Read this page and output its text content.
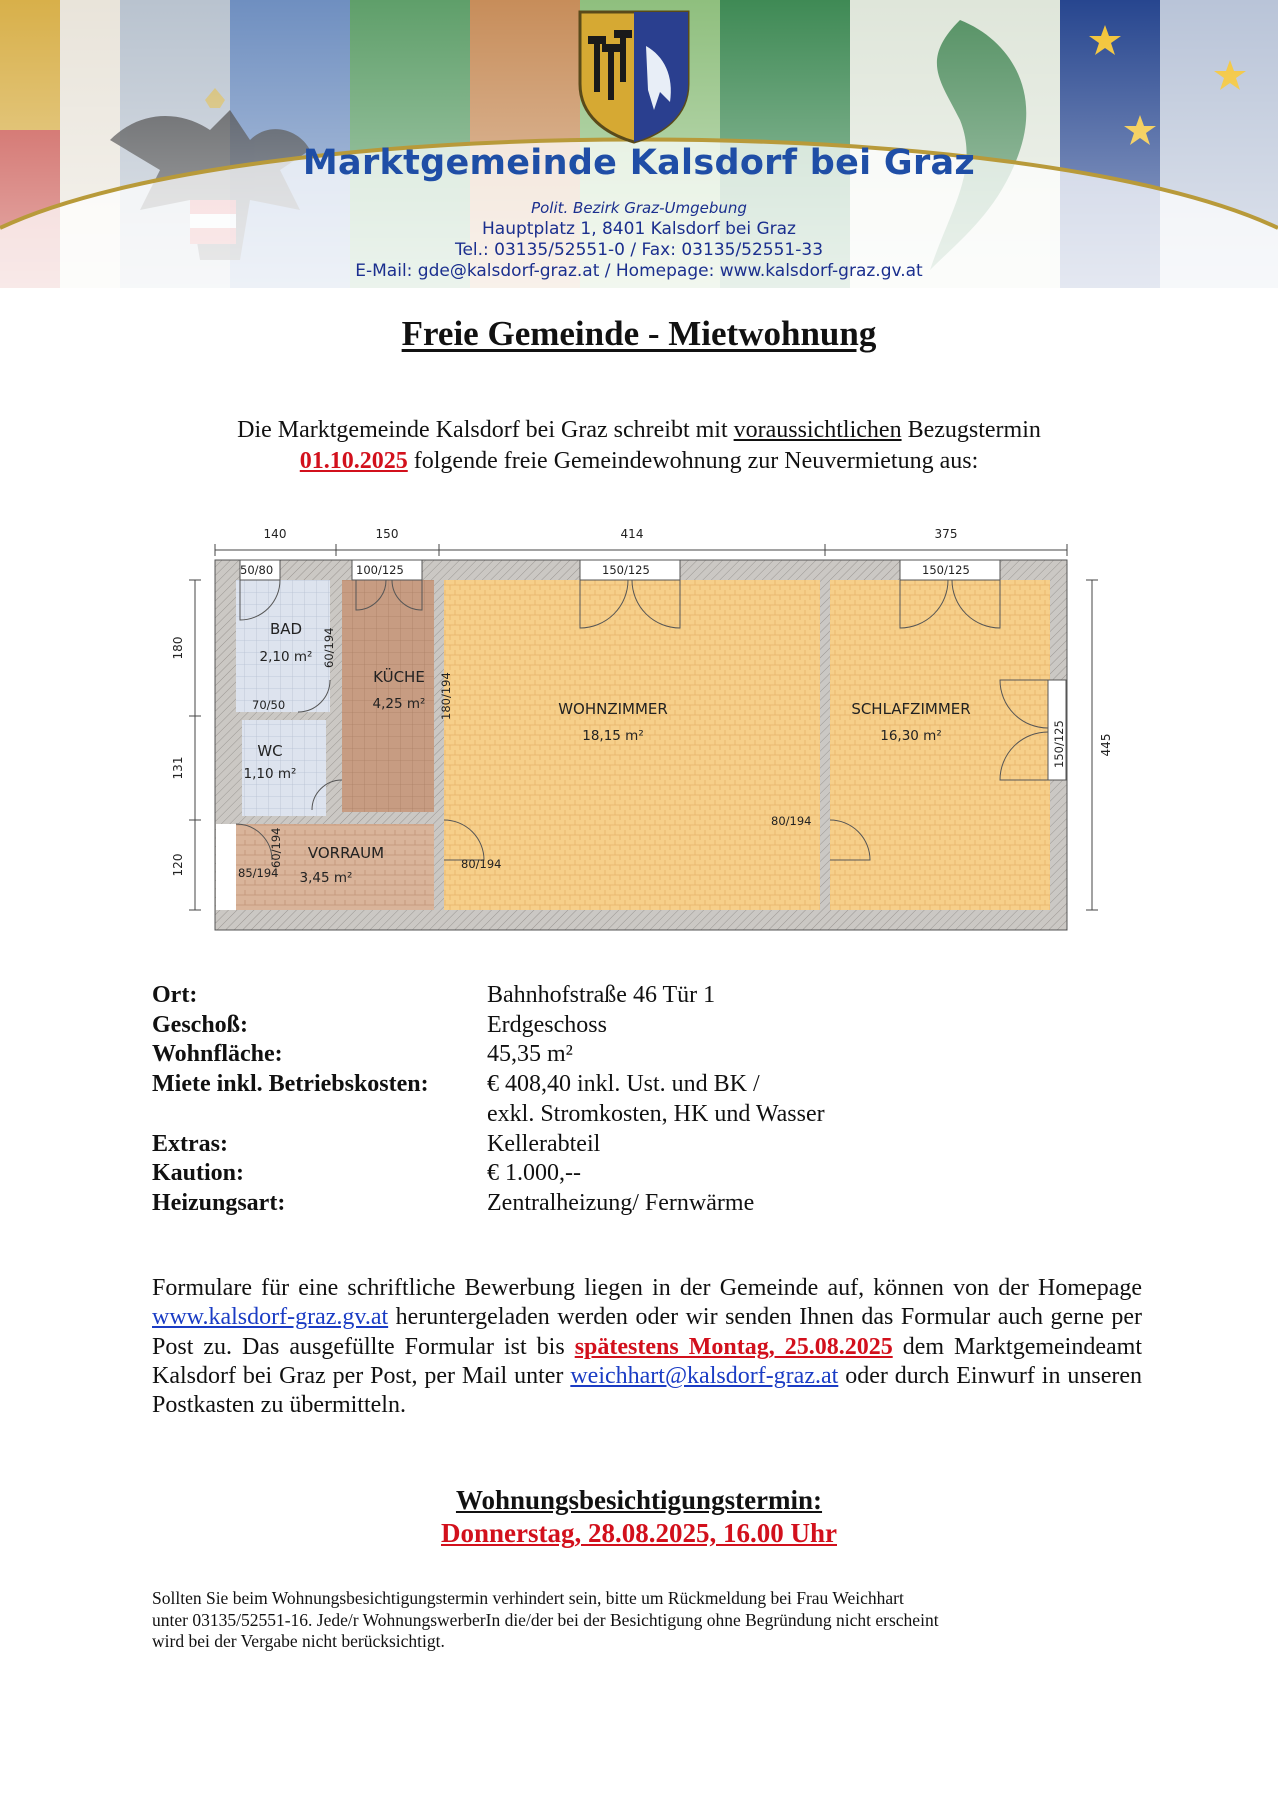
Marktgemeinde Kalsdorf bei Graz
Polit. Bezirk Graz-Umgebung
Hauptplatz 1, 8401 Kalsdorf bei Graz
Tel.: 03135/52551-0 / Fax: 03135/52551-33
E-Mail: gde@kalsdorf-graz.at / Homepage: www.kalsdorf-graz.gv.at
Freie Gemeinde - Mietwohnung
Die Marktgemeinde Kalsdorf bei Graz schreibt mit voraussichtlichen Bezugstermin
01.10.2025 folgende freie Gemeindewohnung zur Neuvermietung aus:
140	150	414	375
180
131
120
445
50/80	100/125	150/125	150/125
70/50
85/194
80/194
80/194
60/194
180/194
60/194
150/125
BAD
2,10 m²
KÜCHE
4,25 m²	WOHNZIMMER
18,15 m²
SCHLAFZIMMER
16,30 m²
WC
1,10 m²
VORRAUM
3,45 m²
Ort:	Bahnhofstraße 46 Tür 1
Geschoß:	Erdgeschoss
Wohnfläche:	45,35 m²
Miete inkl. Betriebskosten:	€ 408,40 inkl. Ust. und BK /
exkl. Stromkosten, HK und Wasser
Extras:	Kellerabteil
Kaution:	€ 1.000,--
Heizungsart:	Zentralheizung/ Fernwärme
Formulare für eine schriftliche Bewerbung liegen in der Gemeinde auf, können von der Homepage www.kalsdorf-graz.gv.at heruntergeladen werden oder wir senden Ihnen das Formular auch gerne per Post zu. Das ausgefüllte Formular ist bis spätestens Montag, 25.08.2025 dem Marktgemeindeamt Kalsdorf bei Graz per Post, per Mail unter weichhart@kalsdorf-graz.at oder durch Einwurf in unseren Postkasten zu übermitteln.
Wohnungsbesichtigungstermin:
Donnerstag, 28.08.2025, 16.00 Uhr
Sollten Sie beim Wohnungsbesichtigungstermin verhindert sein, bitte um Rückmeldung bei Frau Weichhart
unter 03135/52551-16. Jede/r WohnungswerberIn die/der bei der Besichtigung ohne Begründung nicht erscheint
wird bei der Vergabe nicht berücksichtigt.
